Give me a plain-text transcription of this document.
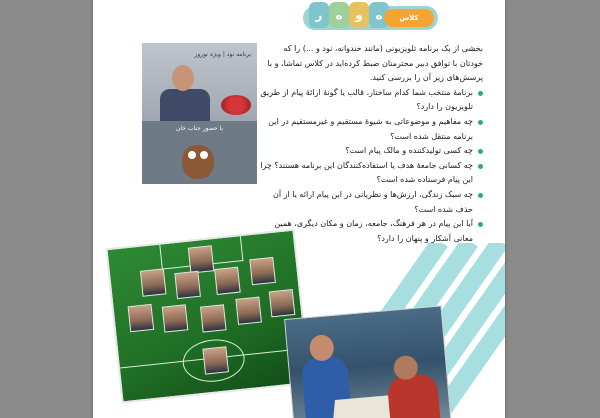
ر	ه	و	ه	کلاس
برنامه نود | ویژه نوروز
با حضور جناب خان

بخشی از یک برنامه تلویزیونی (مانند خندوانه، نود و ...) را که خودتان با توافق دبیر محترمتان ضبط کرده‌اید در کلاس تماشا، و با پرسش‌های زیر آن را بررسی کنید.

برنامهٔ منتخب شما کدام ساختار، قالب یا گونهٔ ارائهٔ پیام از طریق تلویزیون را دارد؟
چه مفاهیم و موضوعاتی به شیوهٔ مستقیم و غیرمستقیم در این برنامه منتقل شده است؟
چه کسی تولیدکننده و مالک پیام است؟
چه کسانی جامعهٔ هدف یا استفاده‌کنندگان این برنامه هستند؟ چرا این پیام فرستاده شده است؟
چه سبک زندگی، ارزش‌ها و نظریاتی در این پیام ارائه یا از آن حذف شده است؟
آیا این پیام در هر فرهنگ، جامعه، زمان و مکان دیگری، همین معانی آشکار و پنهان را دارد؟
